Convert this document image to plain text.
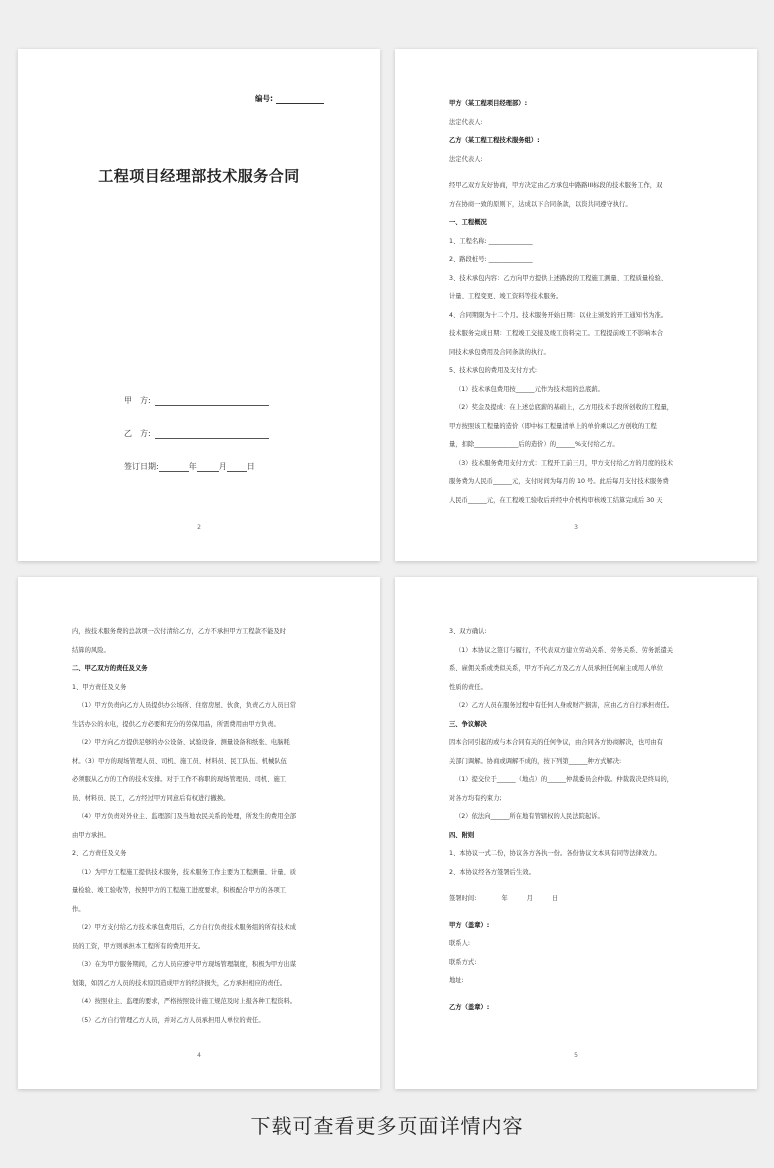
编号:
工程项目经理部技术服务合同
甲　方:
乙　方:
签订日期:	年	月	日
2
甲方（某工程项目经理部）:
法定代表人:
乙方（某工程工程技术服务组）:
法定代表人:
经甲乙双方友好协商，甲方决定由乙方承包中路路III标段的技术服务工作，双
方在协商一致的原则下，达成以下合同条款，以资共同遵守执行。
一、工程概况
1、工程名称: ______________
2、路段桩号: ______________
3、技术承包内容：乙方向甲方提供上述路段的工程施工测量、工程质量检验、
计量、工程变更、竣工资料等技术服务。
4、合同期限为十二个月。技术服务开始日期：以业主颁发的开工通知书为准。
技术服务完成日期：工程竣工交接及竣工资料完工。工程提前竣工不影响本合
同技术承包费用及合同条款的执行。
5、技术承包的费用及支付方式:
（1）技术承包费用按______元作为技术组的总底薪。
（2）奖金及提成：在上述总底薪的基础上，乙方用技术手段所创收的工程量，
甲方按照该工程量的造价（即中标工程量清单上的单价乘以乙方创收的工程
量，扣除______________后的造价）的______%支付给乙方。
（3）技术服务费用支付方式：工程开工前三月，甲方支付给乙方的月度的技术
服务费为人民币______元，支付时间为每月的 10 号。此后每月支付技术服务费
人民币______元，在工程竣工验收后并经中介机构审核竣工结算完成后 30 天
3
内，按技术服务费的总款项一次付清给乙方，乙方不承担甲方工程款不能及时
结算的风险。
二、甲乙双方的责任及义务
1、甲方责任及义务
（1）甲方负责向乙方人员提供办公场所、住宿房屋、伙食，负责乙方人员日常
生活办公的水电，提供乙方必要和充分的劳保用品，所需费用由甲方负责。
（2）甲方向乙方提供足够的办公设备、试验设备、测量设备和纸张、电脑耗
材。（3）甲方的现场管理人员、司机、施工员、材料员、民工队伍、机械队伍
必须服从乙方的工作的技术安排。对于工作不称职的现场管理员、司机、施工
员、材料员、民工，乙方经过甲方同意后有权进行撤换。
（4）甲方负责对外业主、监理部门及当地农民关系的处理，所发生的费用全部
由甲方承担。
2、乙方责任及义务
（1）为甲方工程施工提供技术服务，技术服务工作主要为工程测量、计量、质
量检验、竣工验收等，按照甲方的工程施工进度要求，积极配合甲方的各项工
作。
（2）甲方支付给乙方技术承包费用后，乙方自行负责技术服务组的所有技术成
员的工资，甲方则承担本工程所有的费用开支。
（3）在为甲方服务期间，乙方人员应遵守甲方现场管理制度，积极为甲方出谋
划策，如因乙方人员的技术原因造成甲方的经济损失，乙方承担相应的责任。
（4）按照业主、监理的要求，严格按照设计施工规范及时上报各种工程资料。
（5）乙方自行管理乙方人员，并对乙方人员承担用人单位的责任。
4
3、双方确认:
（1）本协议之签订与履行，不代表双方建立劳动关系、劳务关系、劳务派遣关
系、雇佣关系或类似关系，甲方不向乙方及乙方人员承担任何雇主或用人单位
性质的责任。
（2）乙方人员在服务过程中有任何人身或财产损害，应由乙方自行承担责任。
三、争议解决
因本合同引起的或与本合同有关的任何争议，由合同各方协商解决，也可由有
关部门调解。协商或调解不成的，按下列第______种方式解决:
（1）提交位于______（地点）的______仲裁委员会仲裁。仲裁裁决是终局的，
对各方均有约束力;
（2）依法向______所在地有管辖权的人民法院起诉。
四、附则
1、本协议一式二份，协议各方各执一份。各份协议文本具有同等法律效力。
2、本协议经各方签署后生效。
签署时间:　　　　年　　　月　　　日
甲方（盖章）:
联系人:
联系方式:
地址:
乙方（盖章）:
5
下载可查看更多页面详情内容
